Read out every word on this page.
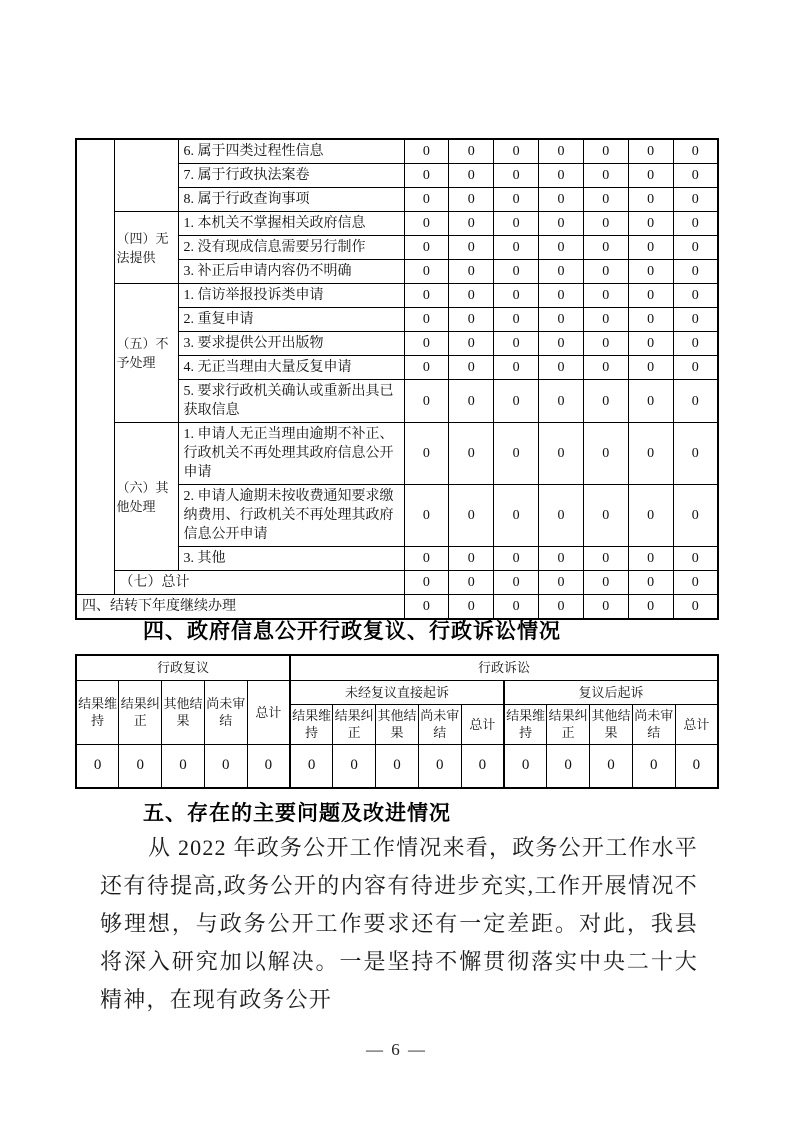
		6. 属于四类过程性信息	0	0	0	0	0	0	0
		7. 属于行政执法案卷	0	0	0	0	0	0	0
		8. 属于行政查询事项	0	0	0	0	0	0	0
	（四）无法提供	1. 本机关不掌握相关政府信息	0	0	0	0	0	0	0
		2. 没有现成信息需要另行制作	0	0	0	0	0	0	0
		3. 补正后申请内容仍不明确	0	0	0	0	0	0	0
	（五）不予处理	1. 信访举报投诉类申请	0	0	0	0	0	0	0
		2. 重复申请	0	0	0	0	0	0	0
		3. 要求提供公开出版物	0	0	0	0	0	0	0
		4. 无正当理由大量反复申请	0	0	0	0	0	0	0
		5. 要求行政机关确认或重新出具已获取信息	0	0	0	0	0	0	0
	（六）其他处理	1. 申请人无正当理由逾期不补正、行政机关不再处理其政府信息公开申请	0	0	0	0	0	0	0
		2. 申请人逾期未按收费通知要求缴纳费用、行政机关不再处理其政府信息公开申请	0	0	0	0	0	0	0
		3. 其他	0	0	0	0	0	0	0
	（七）总计		0	0	0	0	0	0	0
四、结转下年度继续办理			0	0	0	0	0	0	0
四、政府信息公开行政复议、行政诉讼情况
行政复议					行政诉讼									
结果维持	结果纠正	其他结果	尚未审结	总计	未经复议直接起诉					复议后起诉				
					结果维持	结果纠正	其他结果	尚未审结	总计	结果维持	结果纠正	其他结果	尚未审结	总计
0	0	0	0	0	0	0	0	0	0	0	0	0	0	0
五、存在的主要问题及改进情况

从 2022 年政务公开工作情况来看，政务公开工作水平还有待提高,政务公开的内容有待进步充实,工作开展情况不够理想，与政务公开工作要求还有一定差距。对此，我县将深入研究加以解决。一是坚持不懈贯彻落实中央二十大精神，在现有政务公开

— 6 —
